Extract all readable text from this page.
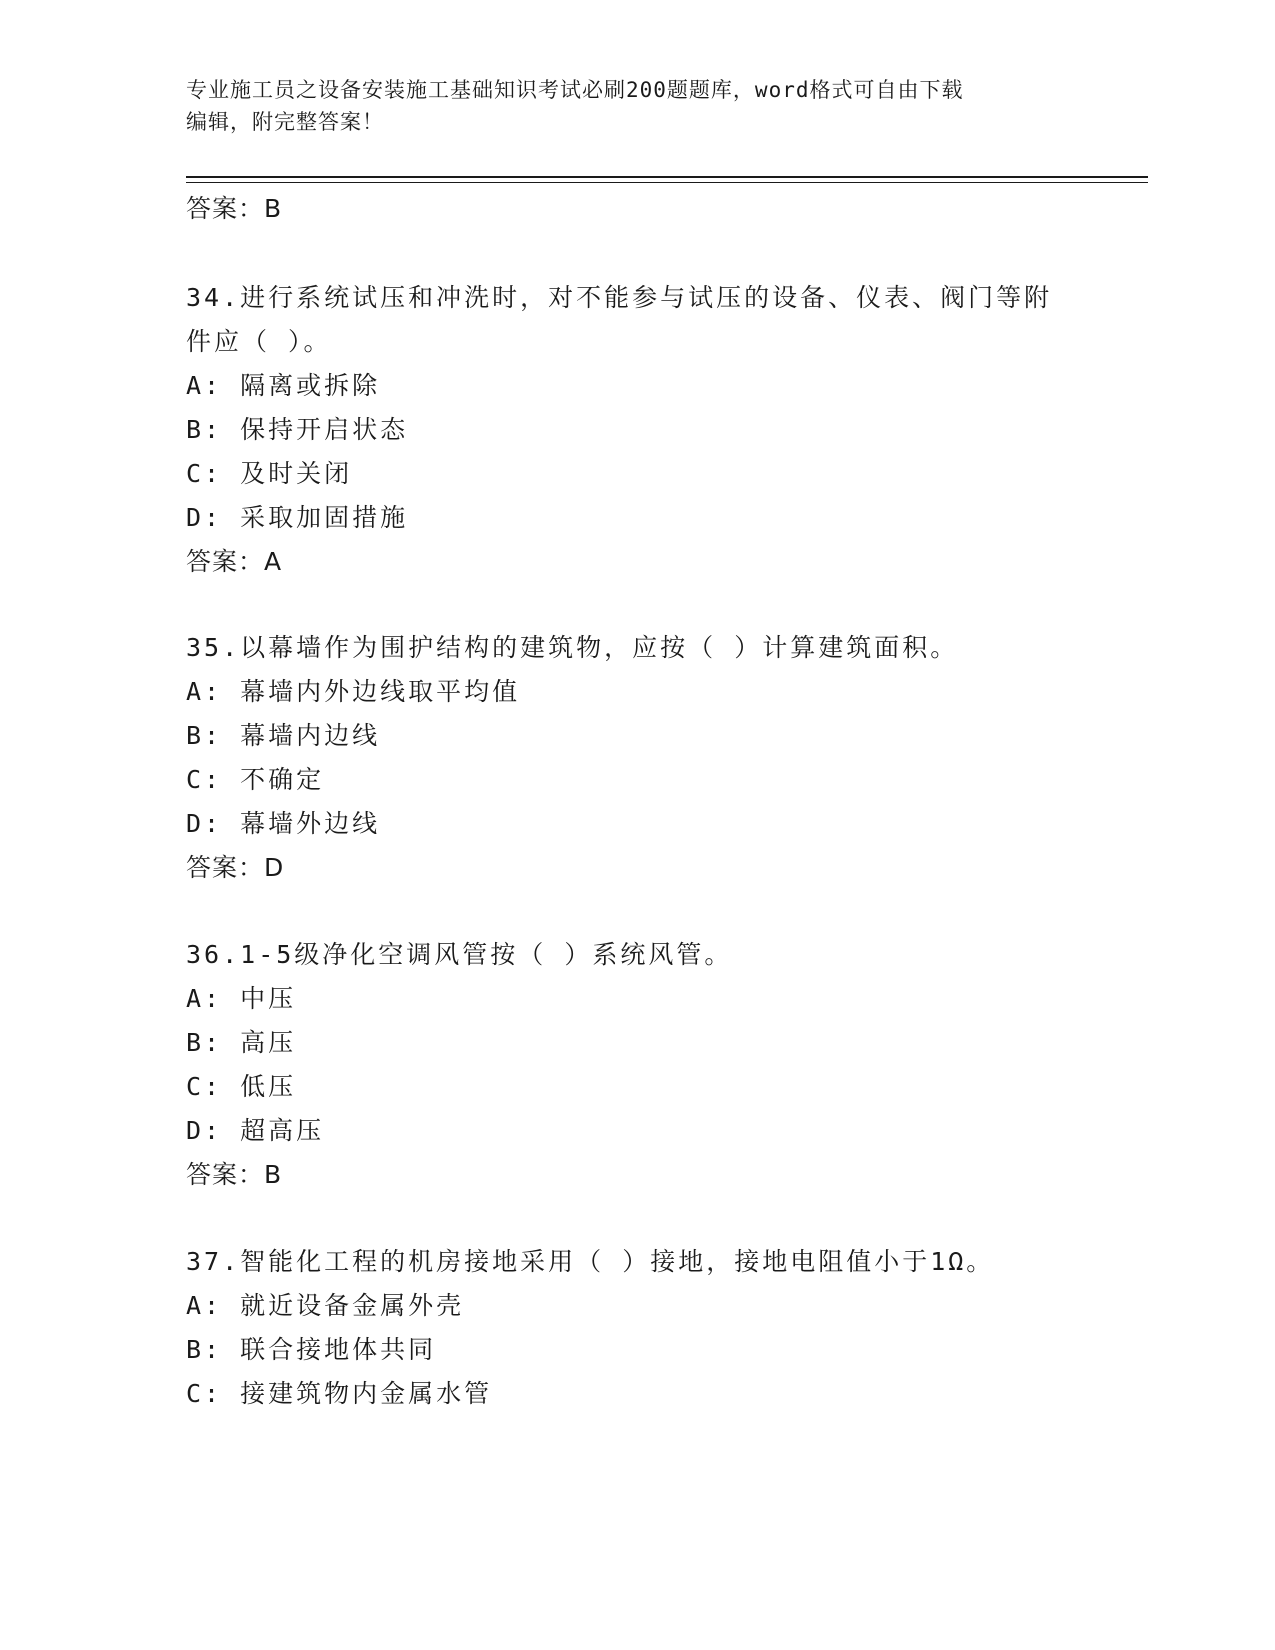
专业施工员之设备安装施工基础知识考试必刷200题题库，word格式可自由下载
编辑，附完整答案！
答案：B
34.进行系统试压和冲洗时，对不能参与试压的设备、仪表、阀门等附
件应（ ）。
A: 隔离或拆除
B: 保持开启状态
C: 及时关闭
D: 采取加固措施
答案：A
35.以幕墙作为围护结构的建筑物，应按（ ）计算建筑面积。
A: 幕墙内外边线取平均值
B: 幕墙内边线
C: 不确定
D: 幕墙外边线
答案：D
36.1-5级净化空调风管按（ ）系统风管。
A: 中压
B: 高压
C: 低压
D: 超高压
答案：B
37.智能化工程的机房接地采用（ ）接地，接地电阻值小于1Ω。
A: 就近设备金属外壳
B: 联合接地体共同
C: 接建筑物内金属水管
